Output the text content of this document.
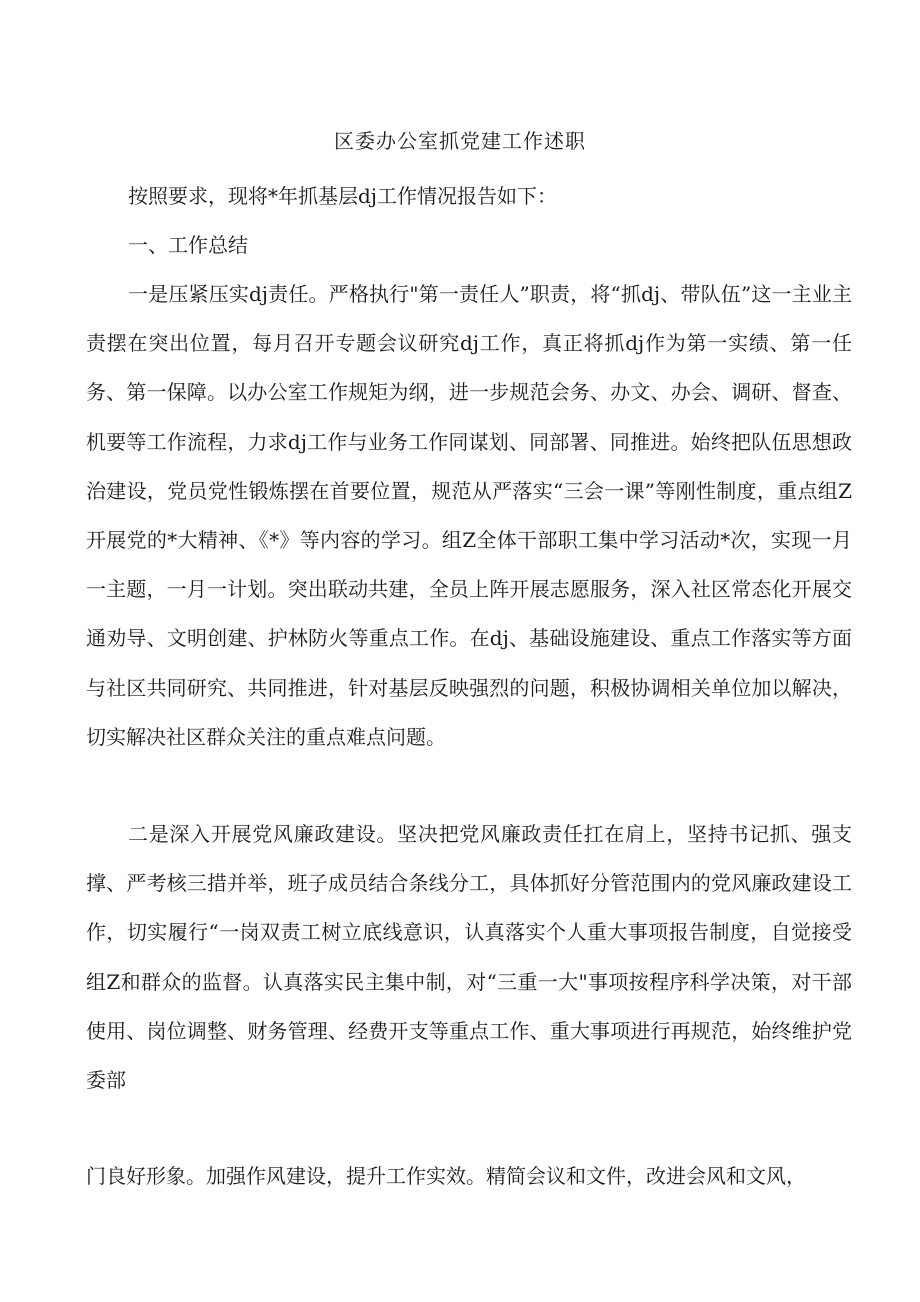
区委办公室抓党建工作述职

按照要求，现将*年抓基层dj工作情况报告如下：

一、工作总结

一是压紧压实dj责任。严格执行"第一责任人”职责，将“抓dj、带队伍”这一主业主责摆在突出位置，每月召开专题会议研究dj工作，真正将抓dj作为第一实绩、第一任务、第一保障。以办公室工作规矩为纲，进一步规范会务、办文、办会、调研、督查、机要等工作流程，力求dj工作与业务工作同谋划、同部署、同推进。始终把队伍思想政治建设，党员党性锻炼摆在首要位置，规范从严落实“三会一课”等刚性制度，重点组Z开展党的*大精神、《*》等内容的学习。组Z全体干部职工集中学习活动*次，实现一月一主题，一月一计划。突出联动共建，全员上阵开展志愿服务，深入社区常态化开展交通劝导、文明创建、护林防火等重点工作。在dj、基础设施建设、重点工作落实等方面与社区共同研究、共同推进，针对基层反映强烈的问题，积极协调相关单位加以解决，切实解决社区群众关注的重点难点问题。

二是深入开展党风廉政建设。坚决把党风廉政责任扛在肩上，坚持书记抓、强支撑、严考核三措并举，班子成员结合条线分工，具体抓好分管范围内的党风廉政建设工作，切实履行“一岗双责工树立底线意识，认真落实个人重大事项报告制度，自觉接受组Z和群众的监督。认真落实民主集中制，对“三重一大"事项按程序科学决策，对干部使用、岗位调整、财务管理、经费开支等重点工作、重大事项进行再规范，始终维护党委部

门良好形象。加强作风建设，提升工作实效。精简会议和文件，改进会风和文风，
